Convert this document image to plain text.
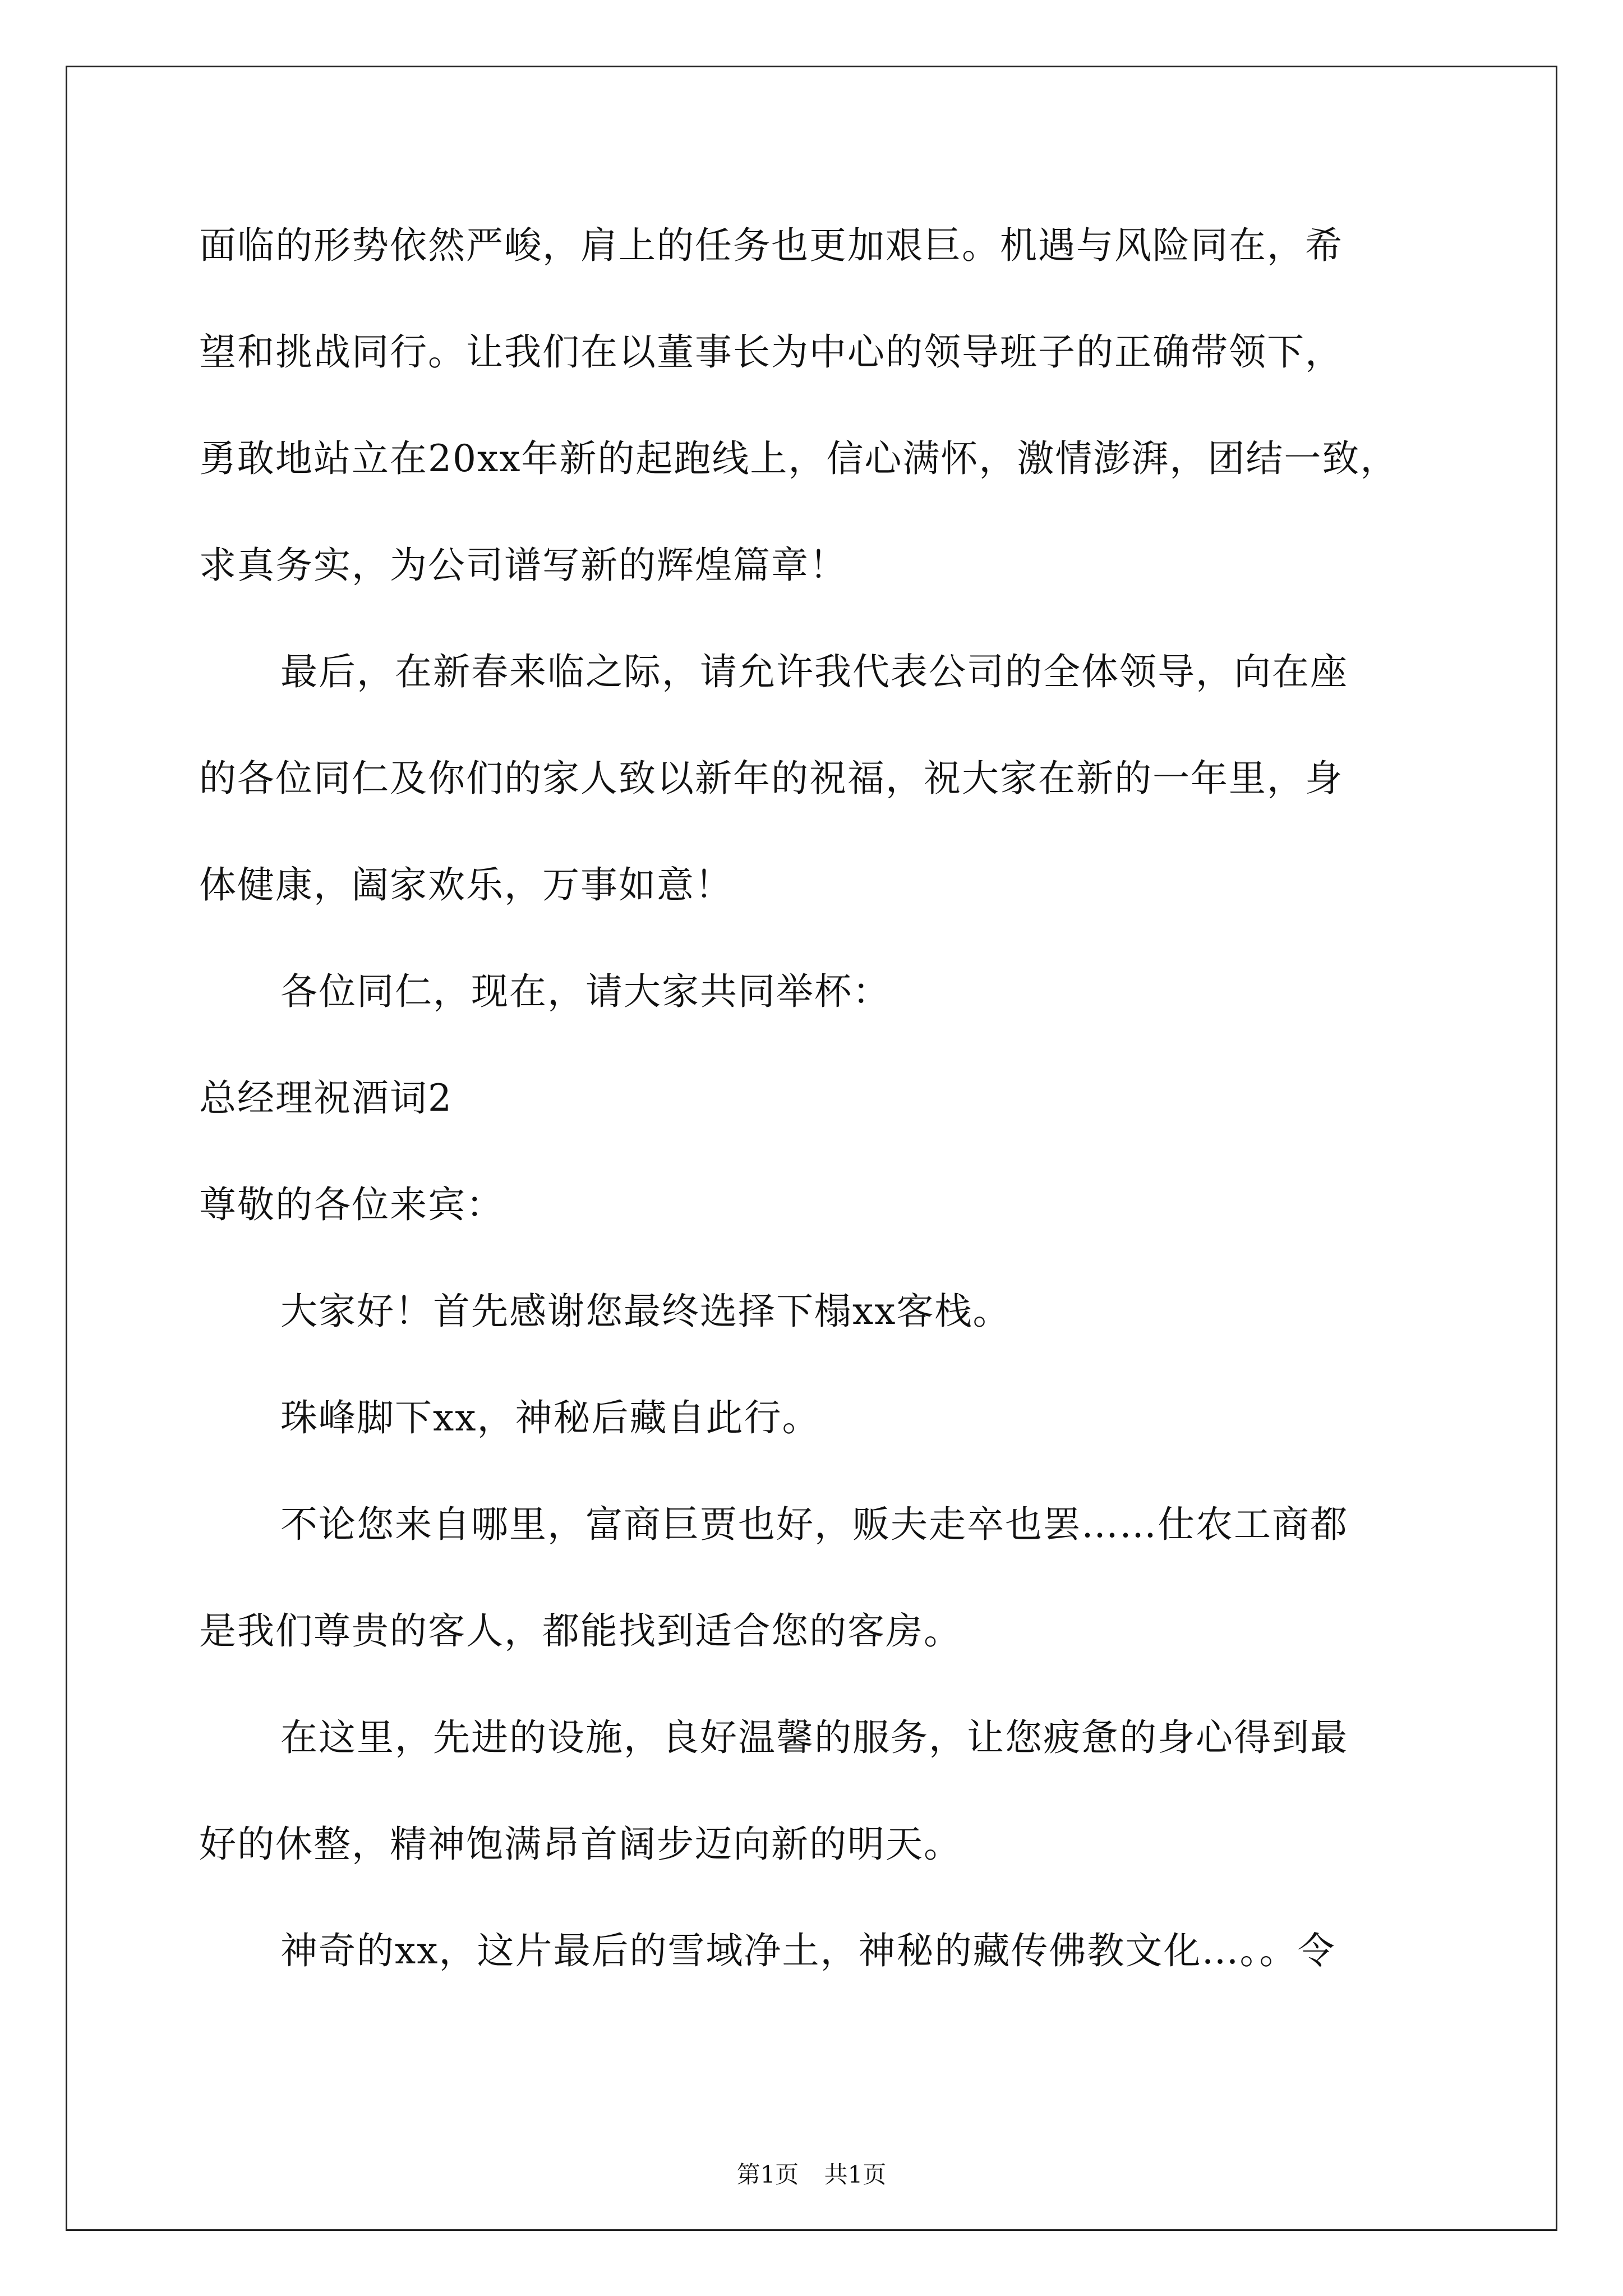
面临的形势依然严峻，肩上的任务也更加艰巨。机遇与风险同在，希
望和挑战同行。让我们在以董事长为中心的领导班子的正确带领下，
勇敢地站立在20xx年新的起跑线上，信心满怀，激情澎湃，团结一致，
求真务实，为公司谱写新的辉煌篇章！
最后，在新春来临之际，请允许我代表公司的全体领导，向在座
的各位同仁及你们的家人致以新年的祝福，祝大家在新的一年里，身
体健康，阖家欢乐，万事如意！
各位同仁，现在，请大家共同举杯：
总经理祝酒词2
尊敬的各位来宾：
大家好！首先感谢您最终选择下榻xx客栈。
珠峰脚下xx，神秘后藏自此行。
不论您来自哪里，富商巨贾也好，贩夫走卒也罢……仕农工商都
是我们尊贵的客人，都能找到适合您的客房。
在这里，先进的设施，良好温馨的服务，让您疲惫的身心得到最
好的休整，精神饱满昂首阔步迈向新的明天。
神奇的xx，这片最后的雪域净土，神秘的藏传佛教文化…。。令
第1页 共1页
